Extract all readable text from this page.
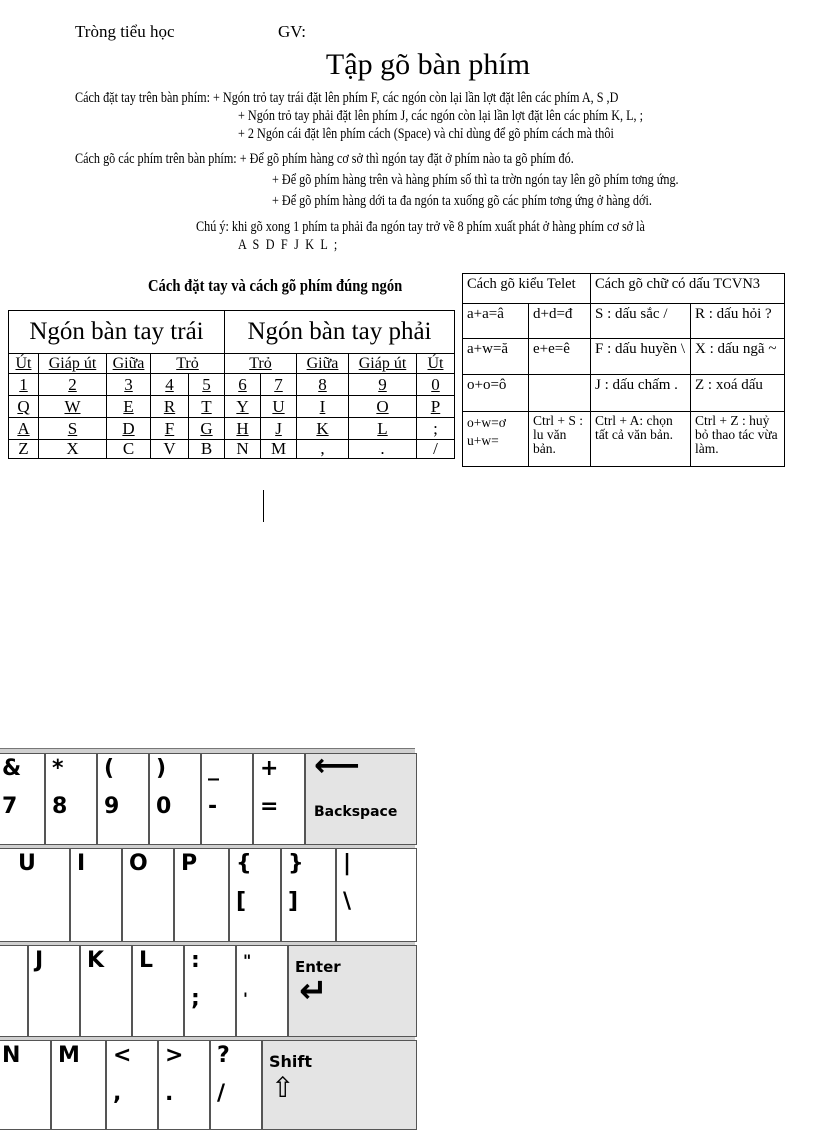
Tròng tiểu học	GV:
Tập gõ bàn phím
Cách đặt tay trên bàn phím: + Ngón trỏ tay trái đặt lên phím F, các ngón còn lại lần lợt đặt lên các phím A, S ,D
+ Ngón trỏ tay phải đặt lên phím J, các ngón còn lại lần lợt đặt lên các phím K, L, ;
+ 2 Ngón cái đặt lên phím cách (Space) và chỉ dùng để gõ phím cách mà thôi
Cách gõ các phím trên bàn phím: + Để gõ phím hàng cơ sở thì ngón tay đặt ở phím nào ta gõ phím đó.
+ Để gõ phím hàng trên và hàng phím số thì ta trờn ngón tay lên gõ phím tơng ứng.
+ Để gõ phím hàng dới ta đa ngón ta xuống gõ các phím tơng ứng ở hàng dới.
Chú ý: khi gõ xong 1 phím ta phải đa ngón tay trở về 8 phím xuất phát ở hàng phím cơ sở là
A S D F J K L ;
Cách đặt tay và cách gõ phím đúng ngón
Ngón bàn tay trái					Ngón bàn tay phải				
Út	Giáp út	Giữa	Trỏ		Trỏ		Giữa	Giáp út	Út
1	2	3	4	5	6	7	8	9	0
Q	W	E	R	T	Y	U	I	O	P
A	S	D	F	G	H	J	K	L	;
Z	X	C	V	B	N	M	,	.	/
Cách gõ kiểu Telet		Cách gõ chữ có dấu TCVN3	
a+a=â	d+d=đ	S : dấu sắc /	R : dấu hỏi ?
a+w=ă	e+e=ê	F : dấu huyền \	X : dấu ngã ~
o+o=ô		J : dấu chấm .	Z : xoá dấu
o+w=ơ u+w=	Ctrl + S : lu văn bản.	Ctrl + A: chọn tất cả văn bản.	Ctrl + Z : huỷ bỏ thao tác vừa làm.
&
7
*
8
(
9
)
0
_
-
+
=
⟵
Backspace
U I O P {
[
}
]
|
\
J K L :
;
"
'
Enter
↵
N M <
,
>
.
?
/
Shift
⇧
